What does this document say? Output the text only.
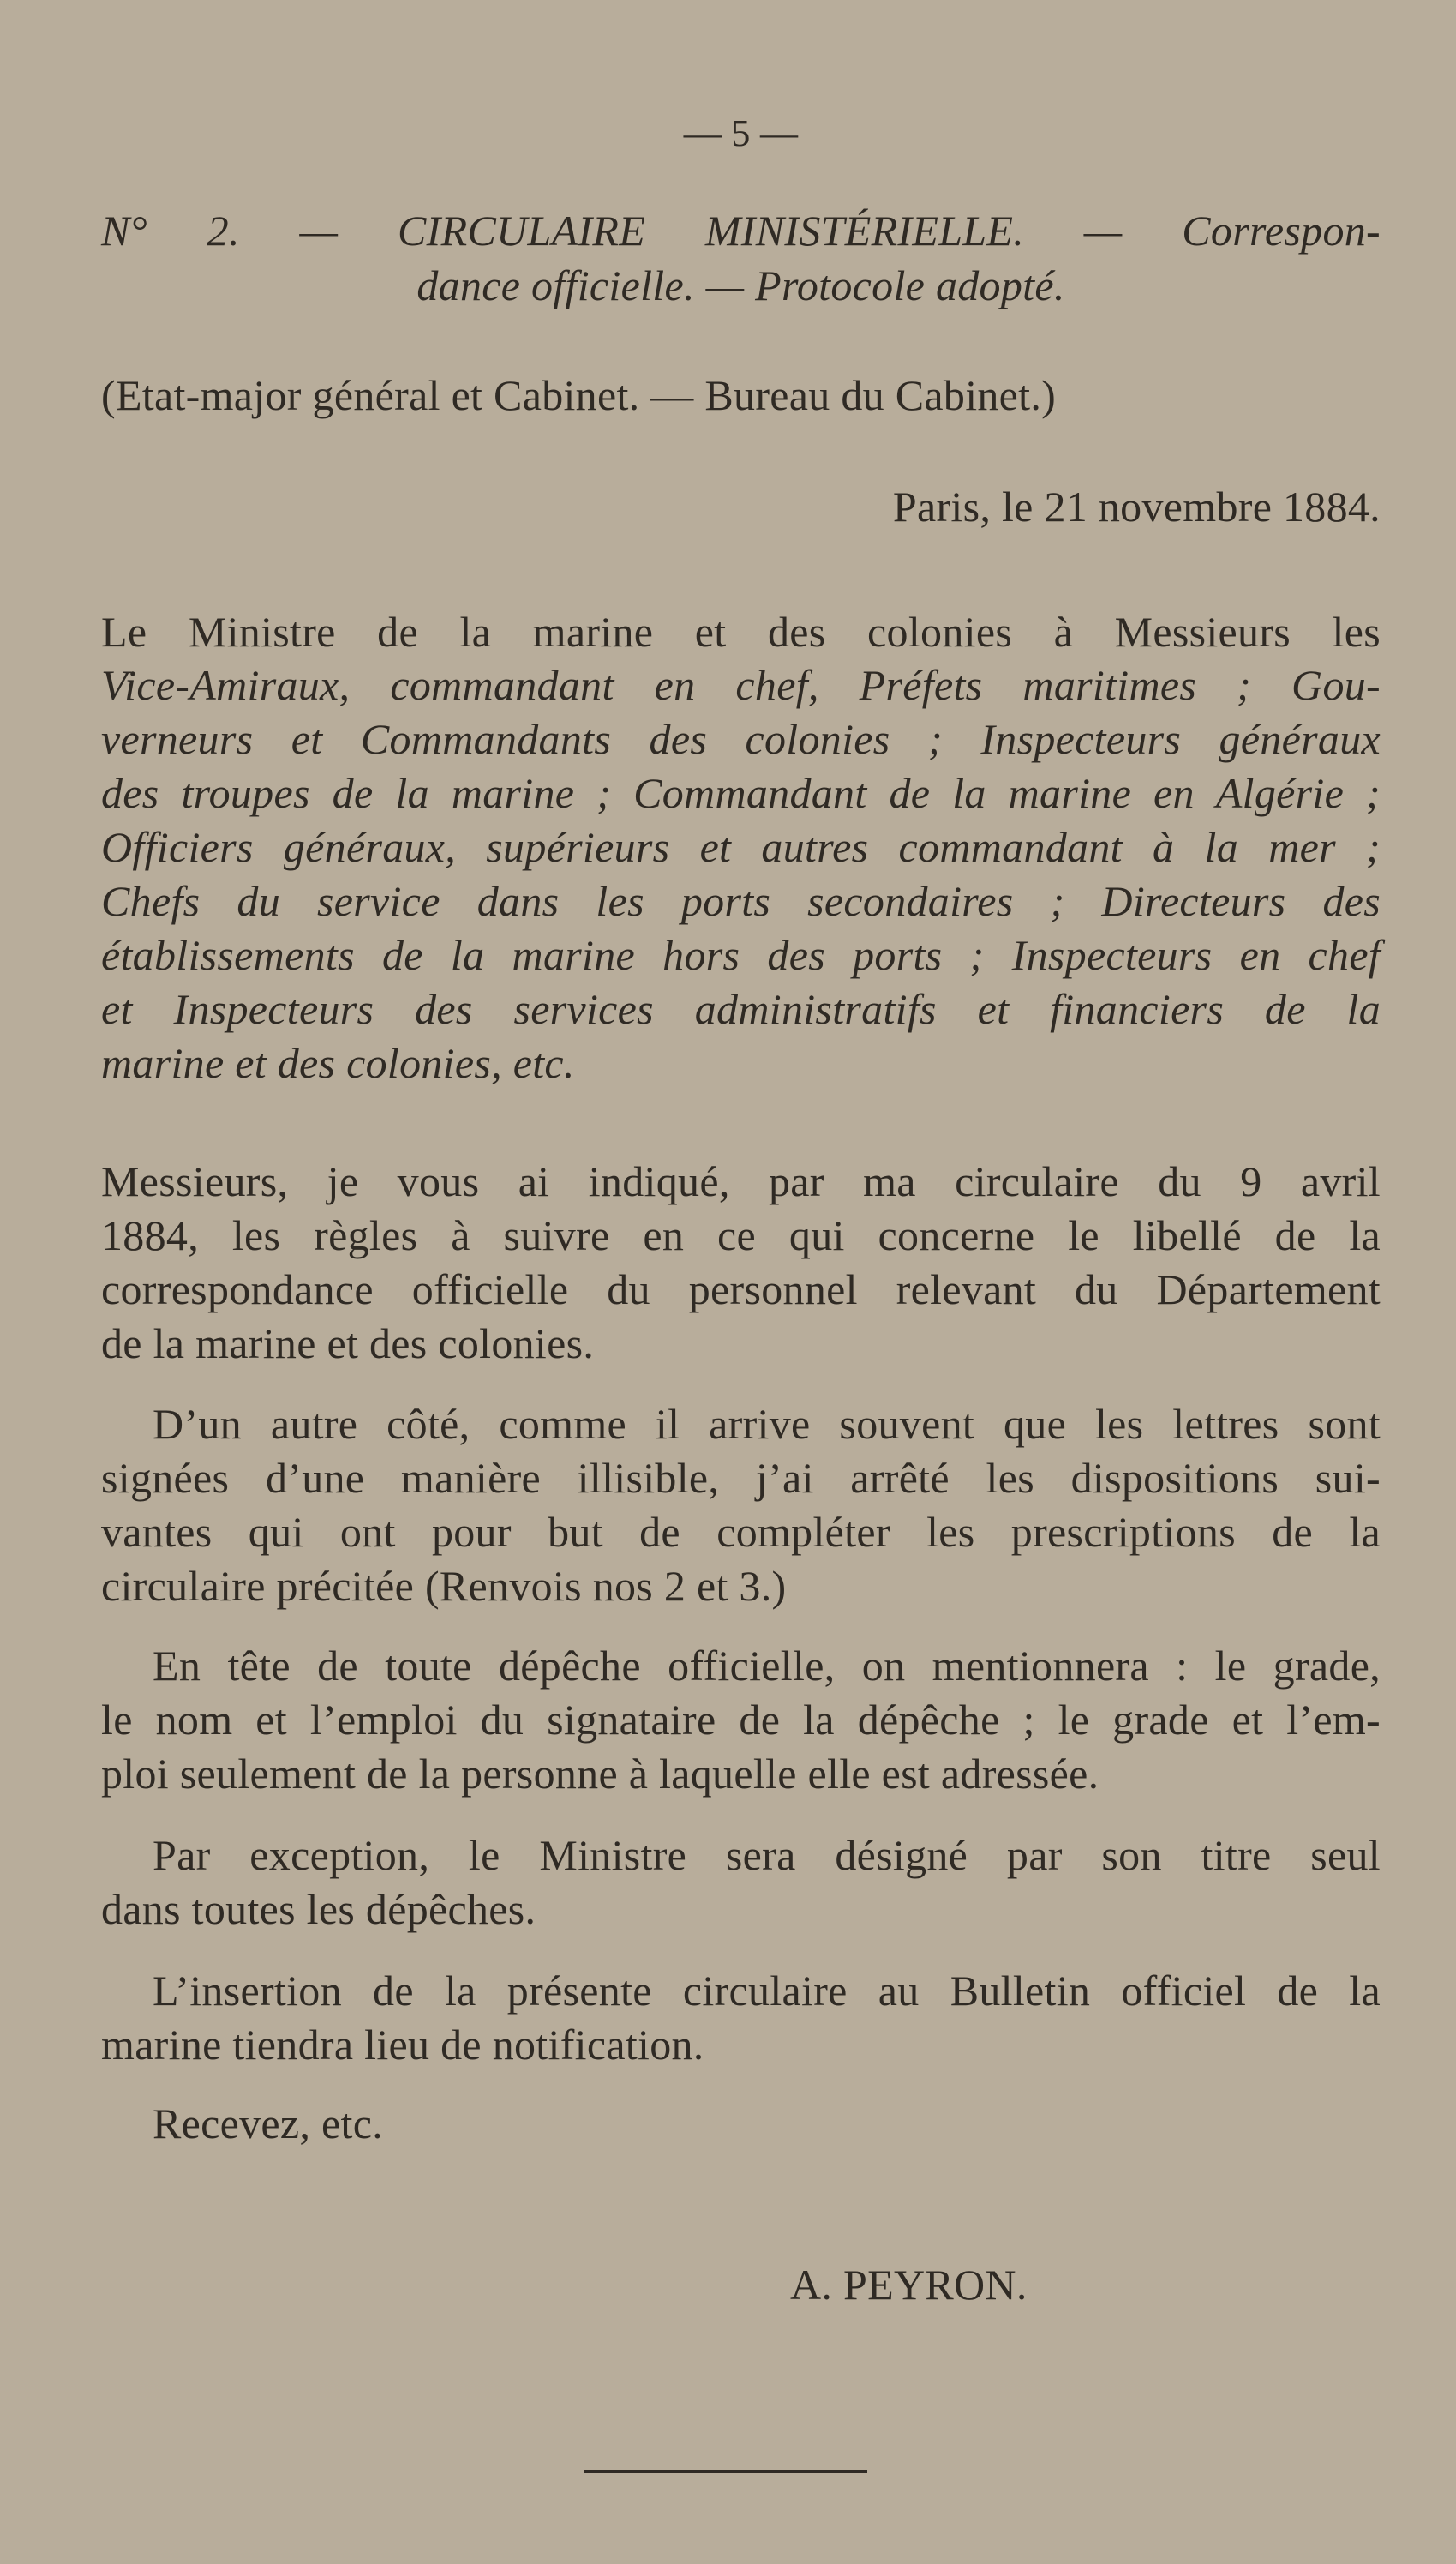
— 5 —
N° 2. — CIRCULAIRE MINISTÉRIELLE. — Correspon-
dance officielle. — Protocole adopté.
(Etat-major général et Cabinet. — Bureau du Cabinet.)
Paris, le 21 novembre 1884.
Le Ministre de la marine et des colonies à Messieurs les
Vice-Amiraux, commandant en chef, Préfets maritimes ; Gou-
verneurs et Commandants des colonies ; Inspecteurs généraux
des troupes de la marine ; Commandant de la marine en Algérie ;
Officiers généraux, supérieurs et autres commandant à la mer ;
Chefs du service dans les ports secondaires ; Directeurs des
établissements de la marine hors des ports ; Inspecteurs en chef
et Inspecteurs des services administratifs et financiers de la
marine et des colonies, etc.
Messieurs, je vous ai indiqué, par ma circulaire du 9 avril
1884, les règles à suivre en ce qui concerne le libellé de la
correspondance officielle du personnel relevant du Département
de la marine et des colonies.
D’un autre côté, comme il arrive souvent que les lettres sont
signées d’une manière illisible, j’ai arrêté les dispositions sui-
vantes qui ont pour but de compléter les prescriptions de la
circulaire précitée (Renvois nos 2 et 3.)
En tête de toute dépêche officielle, on mentionnera : le grade,
le nom et l’emploi du signataire de la dépêche ; le grade et l’em-
ploi seulement de la personne à laquelle elle est adressée.
Par exception, le Ministre sera désigné par son titre seul
dans toutes les dépêches.
L’insertion de la présente circulaire au Bulletin officiel de la
marine tiendra lieu de notification.
Recevez, etc.
A. PEYRON.
